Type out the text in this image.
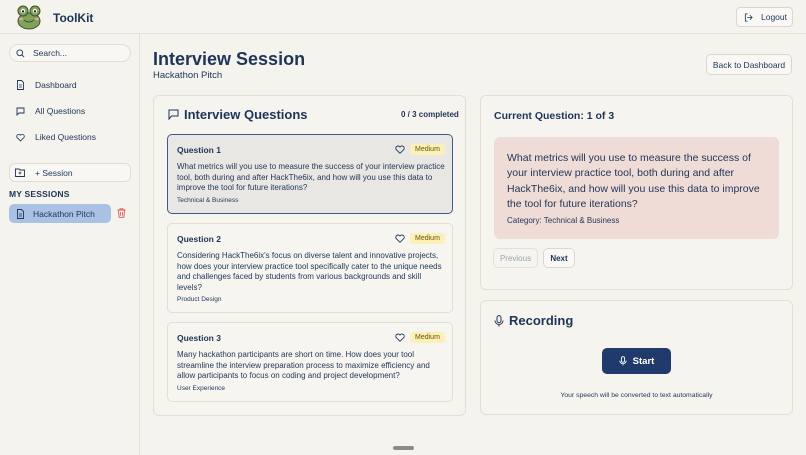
ToolKit	Logout
Search...
Dashboard
All Questions
Liked Questions
+ Session
MY SESSIONS
Hackathon Pitch
Interview Session
Hackathon Pitch
Back to Dashboard
Interview Questions	0 / 3 completed
Question 1	Medium
What metrics will you use to measure the success of your interview practice tool, both during and after HackThe6ix, and how will you use this data to improve the tool for future iterations?
Technical & Business
Question 2	Medium
Considering HackThe6ix's focus on diverse talent and innovative projects, how does your interview practice tool specifically cater to the unique needs and challenges faced by students from various backgrounds and skill levels?
Product Design
Question 3	Medium
Many hackathon participants are short on time. How does your tool streamline the interview preparation process to maximize efficiency and allow participants to focus on coding and project development?
User Experience
Current Question: 1 of 3
What metrics will you use to measure the success of your interview practice tool, both during and after HackThe6ix, and how will you use this data to improve the tool for future iterations?
Category: Technical & Business
Previous	Next
Recording
Start
Your speech will be converted to text automatically
